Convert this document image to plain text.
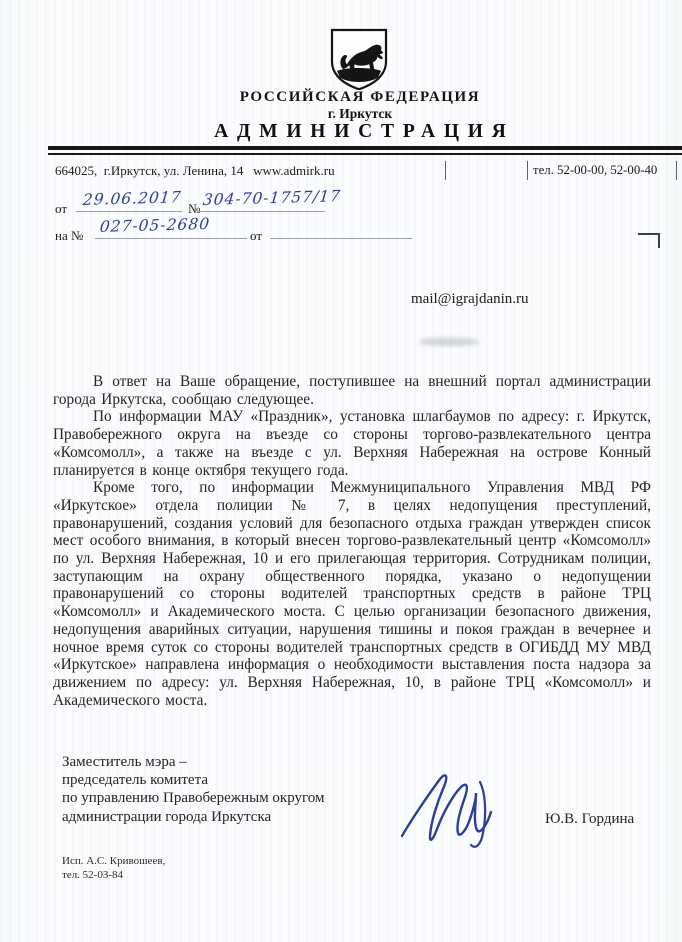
РОССИЙСКАЯ ФЕДЕРАЦИЯ
г. Иркутск
АДМИНИСТРАЦИЯ
664025,  г.Иркутск, ул. Ленина, 14   www.admirk.ru	тел. 52-00-00, 52-00-40
от 29.06.2017 № 304-70-1757/17
на № 027-05-2680	от
mail@igrajdanin.ru

В ответ на Ваше обращение, поступившее на внешний портал администрации города Иркутска, сообщаю следующее.

По информации МАУ «Праздник», установка шлагбаумов по адресу: г. Иркутск, Правобережного округа на въезде со стороны торгово-развлекательного центра «Комсомолл», а также на въезде с ул. Верхняя Набережная на острове Конный планируется в конце октября текущего года.

Кроме того, по информации Межмуниципального Управления МВД РФ «Иркутское» отдела полиции № 7, в целях недопущения преступлений, правонарушений, создания условий для безопасного отдыха граждан утвержден список мест особого внимания, в который внесен торгово-развлекательный центр «Комсомолл» по ул. Верхняя Набережная, 10 и его прилегающая территория. Сотрудникам полиции, заступающим на охрану общественного порядка, указано о недопущении правонарушений со стороны водителей транспортных средств в районе ТРЦ «Комсомолл» и Академического моста. С целью организации безопасного движения, недопущения аварийных ситуации, нарушения тишины и покоя граждан в вечернее и ночное время суток со стороны водителей транспортных средств в ОГИБДД МУ МВД «Иркутское» направлена информация о необходимости выставления поста надзора за движением по адресу: ул. Верхняя Набережная, 10, в районе ТРЦ «Комсомолл» и Академического моста.

Заместитель мэра –
председатель комитета
по управлению Правобережным округом
администрации города Иркутска	Ю.В. Гордина
Исп. А.С. Кривошеев,
тел. 52-03-84
